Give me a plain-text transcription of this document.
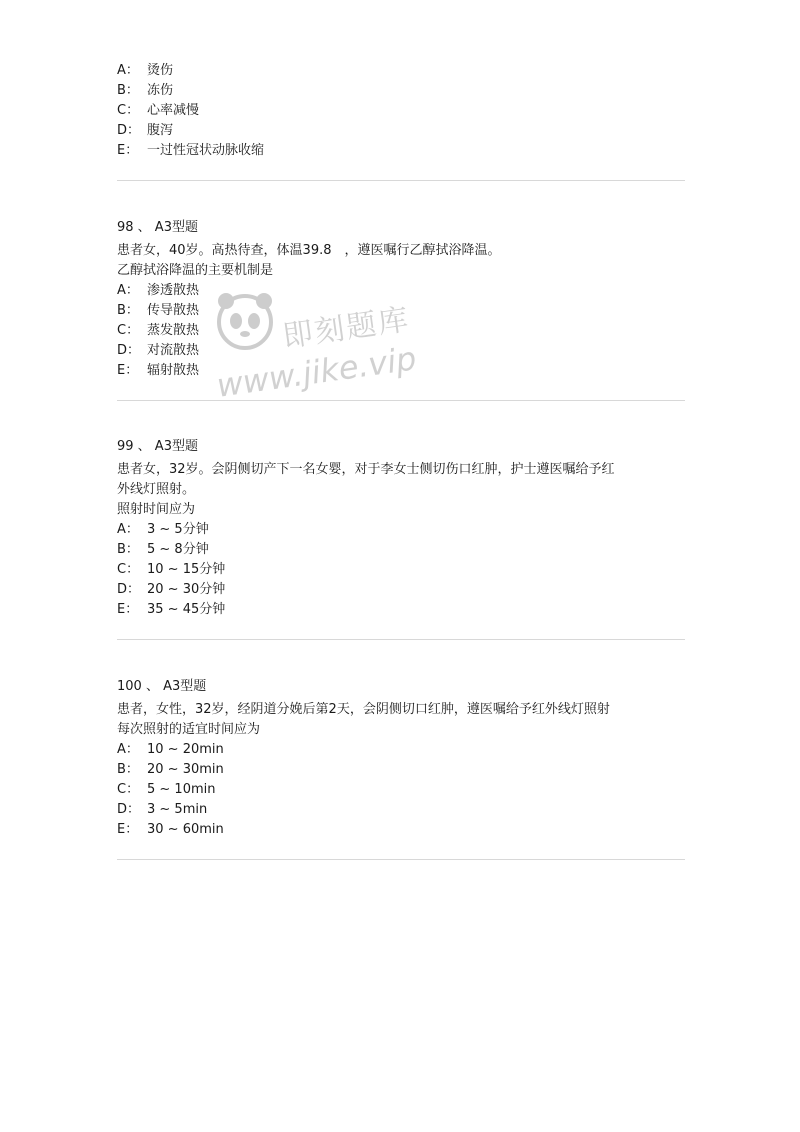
A： 烫伤
B： 冻伤
C： 心率减慢
D： 腹泻
E： 一过性冠状动脉收缩
98 、 A3型题
患者女，40岁。高热待查，体温39.8　，遵医嘱行乙醇拭浴降温。
乙醇拭浴降温的主要机制是
A： 渗透散热
B： 传导散热
C： 蒸发散热
D： 对流散热
E： 辐射散热
99 、 A3型题
患者女，32岁。会阴侧切产下一名女婴，对于李女士侧切伤口红肿，护士遵医嘱给予红
外线灯照射。
照射时间应为
A： 3 ~ 5分钟
B： 5 ~ 8分钟
C： 10 ~ 15分钟
D： 20 ~ 30分钟
E： 35 ~ 45分钟
100 、 A3型题
患者，女性，32岁，经阴道分娩后第2天，会阴侧切口红肿，遵医嘱给予红外线灯照射
每次照射的适宜时间应为
A： 10 ~ 20min
B： 20 ~ 30min
C： 5 ~ 10min
D： 3 ~ 5min
E： 30 ~ 60min
即刻题库
www.jike.vip
